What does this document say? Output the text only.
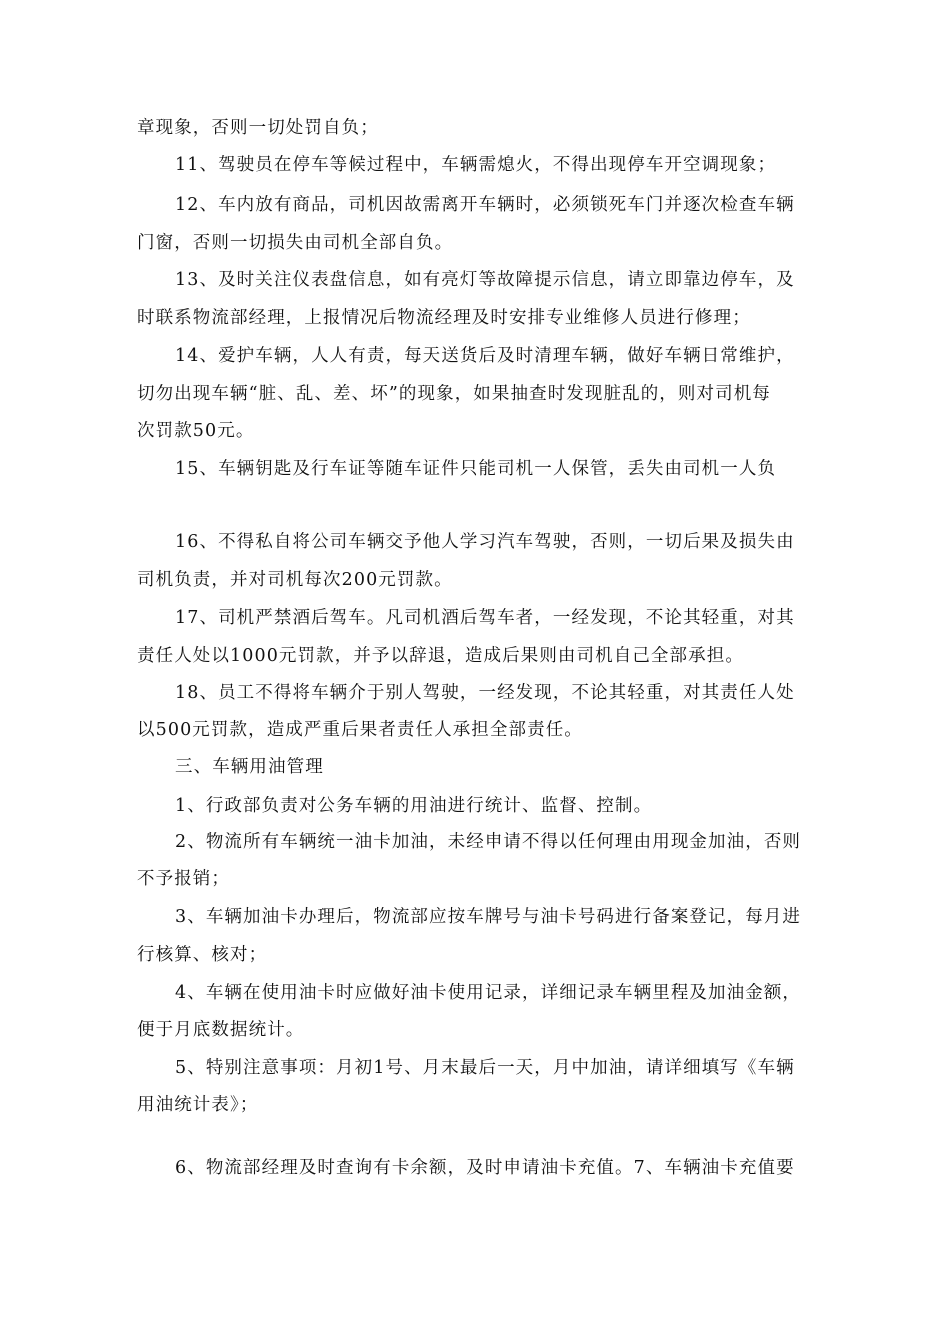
章现象，否则一切处罚自负；
11、驾驶员在停车等候过程中，车辆需熄火，不得出现停车开空调现象；
12、车内放有商品，司机因故需离开车辆时，必须锁死车门并逐次检查车辆
门窗，否则一切损失由司机全部自负。
13、及时关注仪表盘信息，如有亮灯等故障提示信息，请立即靠边停车，及
时联系物流部经理，上报情况后物流经理及时安排专业维修人员进行修理；
14、爱护车辆，人人有责，每天送货后及时清理车辆，做好车辆日常维护，
切勿出现车辆“脏、乱、差、坏”的现象，如果抽查时发现脏乱的，则对司机每
次罚款50元。
15、车辆钥匙及行车证等随车证件只能司机一人保管，丢失由司机一人负
16、不得私自将公司车辆交予他人学习汽车驾驶，否则，一切后果及损失由
司机负责，并对司机每次200元罚款。
17、司机严禁酒后驾车。凡司机酒后驾车者，一经发现，不论其轻重，对其
责任人处以1000元罚款，并予以辞退，造成后果则由司机自己全部承担。
18、员工不得将车辆介于别人驾驶，一经发现，不论其轻重，对其责任人处
以500元罚款，造成严重后果者责任人承担全部责任。
三、车辆用油管理
1、行政部负责对公务车辆的用油进行统计、监督、控制。
2、物流所有车辆统一油卡加油，未经申请不得以任何理由用现金加油，否则
不予报销；
3、车辆加油卡办理后，物流部应按车牌号与油卡号码进行备案登记，每月进
行核算、核对；
4、车辆在使用油卡时应做好油卡使用记录，详细记录车辆里程及加油金额，
便于月底数据统计。
5、特别注意事项：月初1号、月末最后一天，月中加油，请详细填写《车辆
用油统计表》；
6、物流部经理及时查询有卡余额，及时申请油卡充值。7、车辆油卡充值要
